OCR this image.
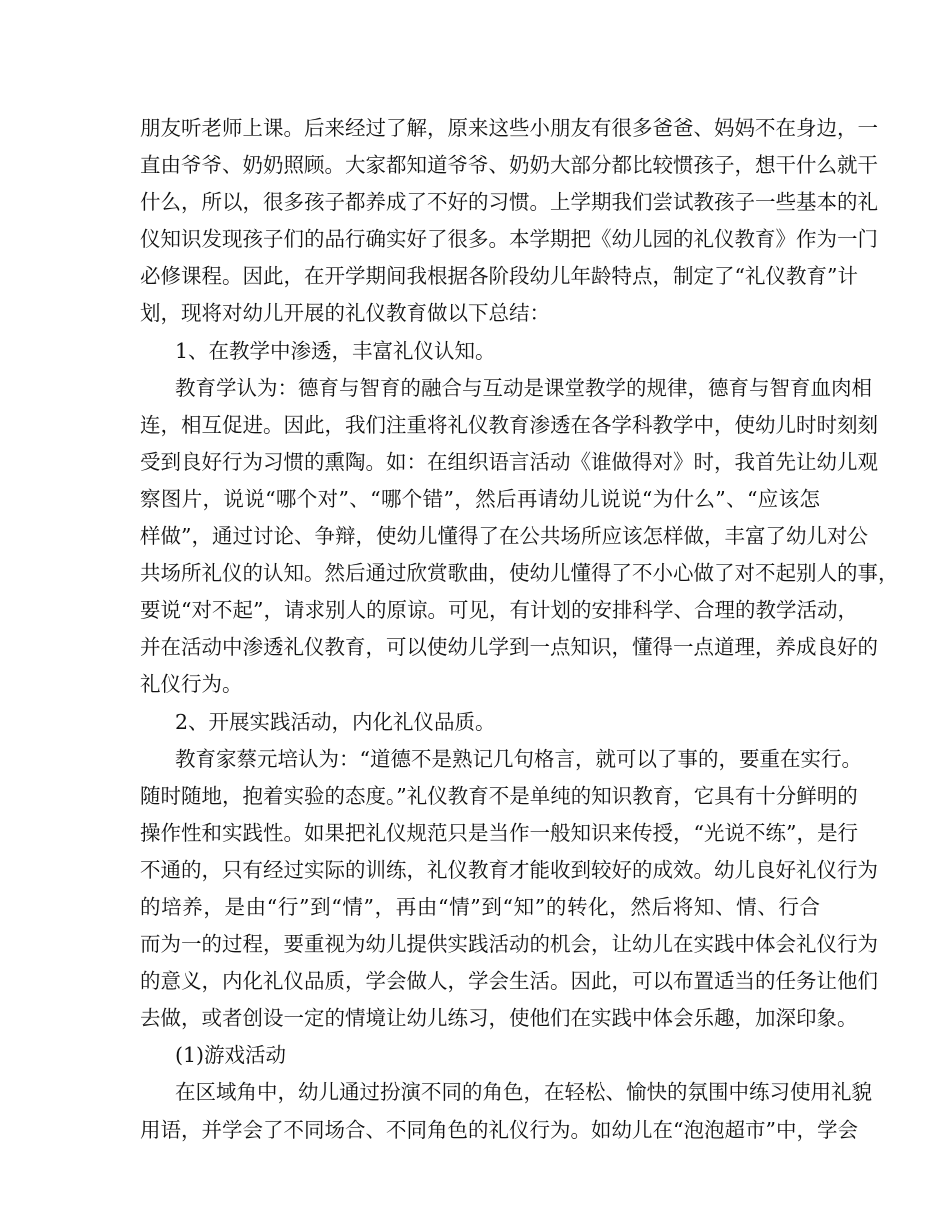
朋友听老师上课。后来经过了解，原来这些小朋友有很多爸爸、妈妈不在身边，一
直由爷爷、奶奶照顾。大家都知道爷爷、奶奶大部分都比较惯孩子，想干什么就干
什么，所以，很多孩子都养成了不好的习惯。上学期我们尝试教孩子一些基本的礼
仪知识发现孩子们的品行确实好了很多。本学期把《幼儿园的礼仪教育》作为一门
必修课程。因此，在开学期间我根据各阶段幼儿年龄特点，制定了“礼仪教育”计
划，现将对幼儿开展的礼仪教育做以下总结：
1、在教学中渗透，丰富礼仪认知。
教育学认为：德育与智育的融合与互动是课堂教学的规律，德育与智育血肉相
连，相互促进。因此，我们注重将礼仪教育渗透在各学科教学中，使幼儿时时刻刻
受到良好行为习惯的熏陶。如：在组织语言活动《谁做得对》时，我首先让幼儿观
察图片，说说“哪个对”、“哪个错”，然后再请幼儿说说“为什么”、“应该怎
样做”，通过讨论、争辩，使幼儿懂得了在公共场所应该怎样做，丰富了幼儿对公
共场所礼仪的认知。然后通过欣赏歌曲，使幼儿懂得了不小心做了对不起别人的事，
要说“对不起”，请求别人的原谅。可见，有计划的安排科学、合理的教学活动，
并在活动中渗透礼仪教育，可以使幼儿学到一点知识，懂得一点道理，养成良好的
礼仪行为。
2、开展实践活动，内化礼仪品质。
教育家蔡元培认为：“道德不是熟记几句格言，就可以了事的，要重在实行。
随时随地，抱着实验的态度。”礼仪教育不是单纯的知识教育，它具有十分鲜明的
操作性和实践性。如果把礼仪规范只是当作一般知识来传授，“光说不练”，是行
不通的，只有经过实际的训练，礼仪教育才能收到较好的成效。幼儿良好礼仪行为
的培养，是由“行”到“情”，再由“情”到“知”的转化，然后将知、情、行合
而为一的过程，要重视为幼儿提供实践活动的机会，让幼儿在实践中体会礼仪行为
的意义，内化礼仪品质，学会做人，学会生活。因此，可以布置适当的任务让他们
去做，或者创设一定的情境让幼儿练习，使他们在实践中体会乐趣，加深印象。
(1)游戏活动
在区域角中，幼儿通过扮演不同的角色，在轻松、愉快的氛围中练习使用礼貌
用语，并学会了不同场合、不同角色的礼仪行为。如幼儿在“泡泡超市”中，学会
